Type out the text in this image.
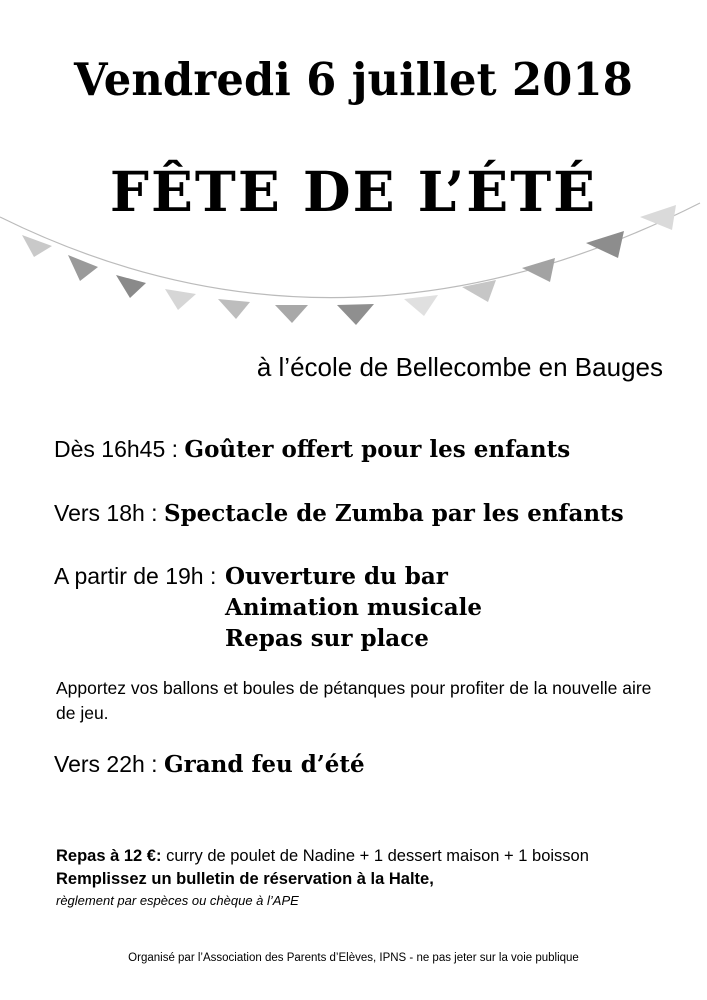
Vendredi 6 juillet 2018
FÊTE DE L’ÉTÉ
à l’école de Bellecombe en Bauges
Dès 16h45 : Goûter offert pour les enfants
Vers 18h : Spectacle de Zumba par les enfants
A partir de 19h : Ouverture du bar
Animation musicale
Repas sur place
Apportez vos ballons et boules de pétanques pour profiter de la nouvelle aire de jeu.
Vers 22h : Grand feu d’été
Repas à 12 €: curry de poulet de Nadine + 1 dessert maison + 1 boisson
Remplissez un bulletin de réservation à la Halte,
règlement par espèces ou chèque à l’APE
Organisé par l’Association des Parents d’Elèves, IPNS - ne pas jeter sur la voie publique
